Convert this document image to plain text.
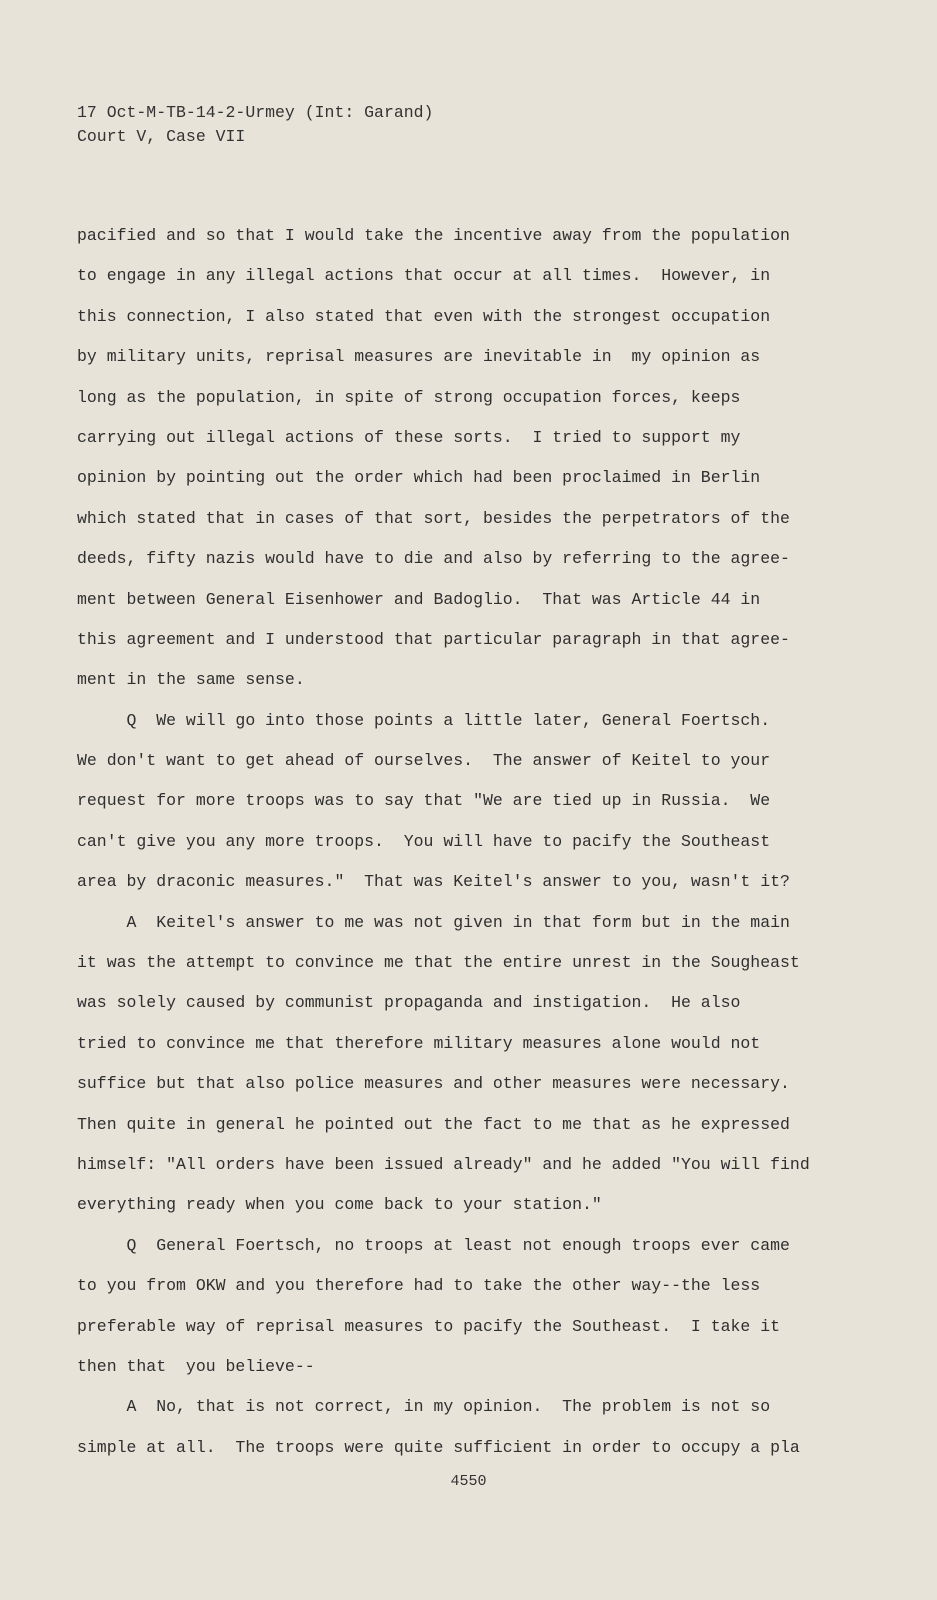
17 Oct-M-TB-14-2-Urmey (Int: Garand)
Court V, Case VII
pacified and so that I would take the incentive away from the population
to engage in any illegal actions that occur at all times.  However, in
this connection, I also stated that even with the strongest occupation
by military units, reprisal measures are inevitable in  my opinion as
long as the population, in spite of strong occupation forces, keeps
carrying out illegal actions of these sorts.  I tried to support my
opinion by pointing out the order which had been proclaimed in Berlin
which stated that in cases of that sort, besides the perpetrators of the
deeds, fifty nazis would have to die and also by referring to the agree-
ment between General Eisenhower and Badoglio.  That was Article 44 in
this agreement and I understood that particular paragraph in that agree-
ment in the same sense.
Q  We will go into those points a little later, General Foertsch.
We don't want to get ahead of ourselves.  The answer of Keitel to your
request for more troops was to say that "We are tied up in Russia.  We
can't give you any more troops.  You will have to pacify the Southeast
area by draconic measures."  That was Keitel's answer to you, wasn't it?
A  Keitel's answer to me was not given in that form but in the main
it was the attempt to convince me that the entire unrest in the Sougheast
was solely caused by communist propaganda and instigation.  He also
tried to convince me that therefore military measures alone would not
suffice but that also police measures and other measures were necessary.
Then quite in general he pointed out the fact to me that as he expressed
himself: "All orders have been issued already" and he added "You will find
everything ready when you come back to your station."
Q  General Foertsch, no troops at least not enough troops ever came
to you from OKW and you therefore had to take the other way--the less
preferable way of reprisal measures to pacify the Southeast.  I take it
then that  you believe--
A  No, that is not correct, in my opinion.  The problem is not so
simple at all.  The troops were quite sufficient in order to occupy a pla
4550
